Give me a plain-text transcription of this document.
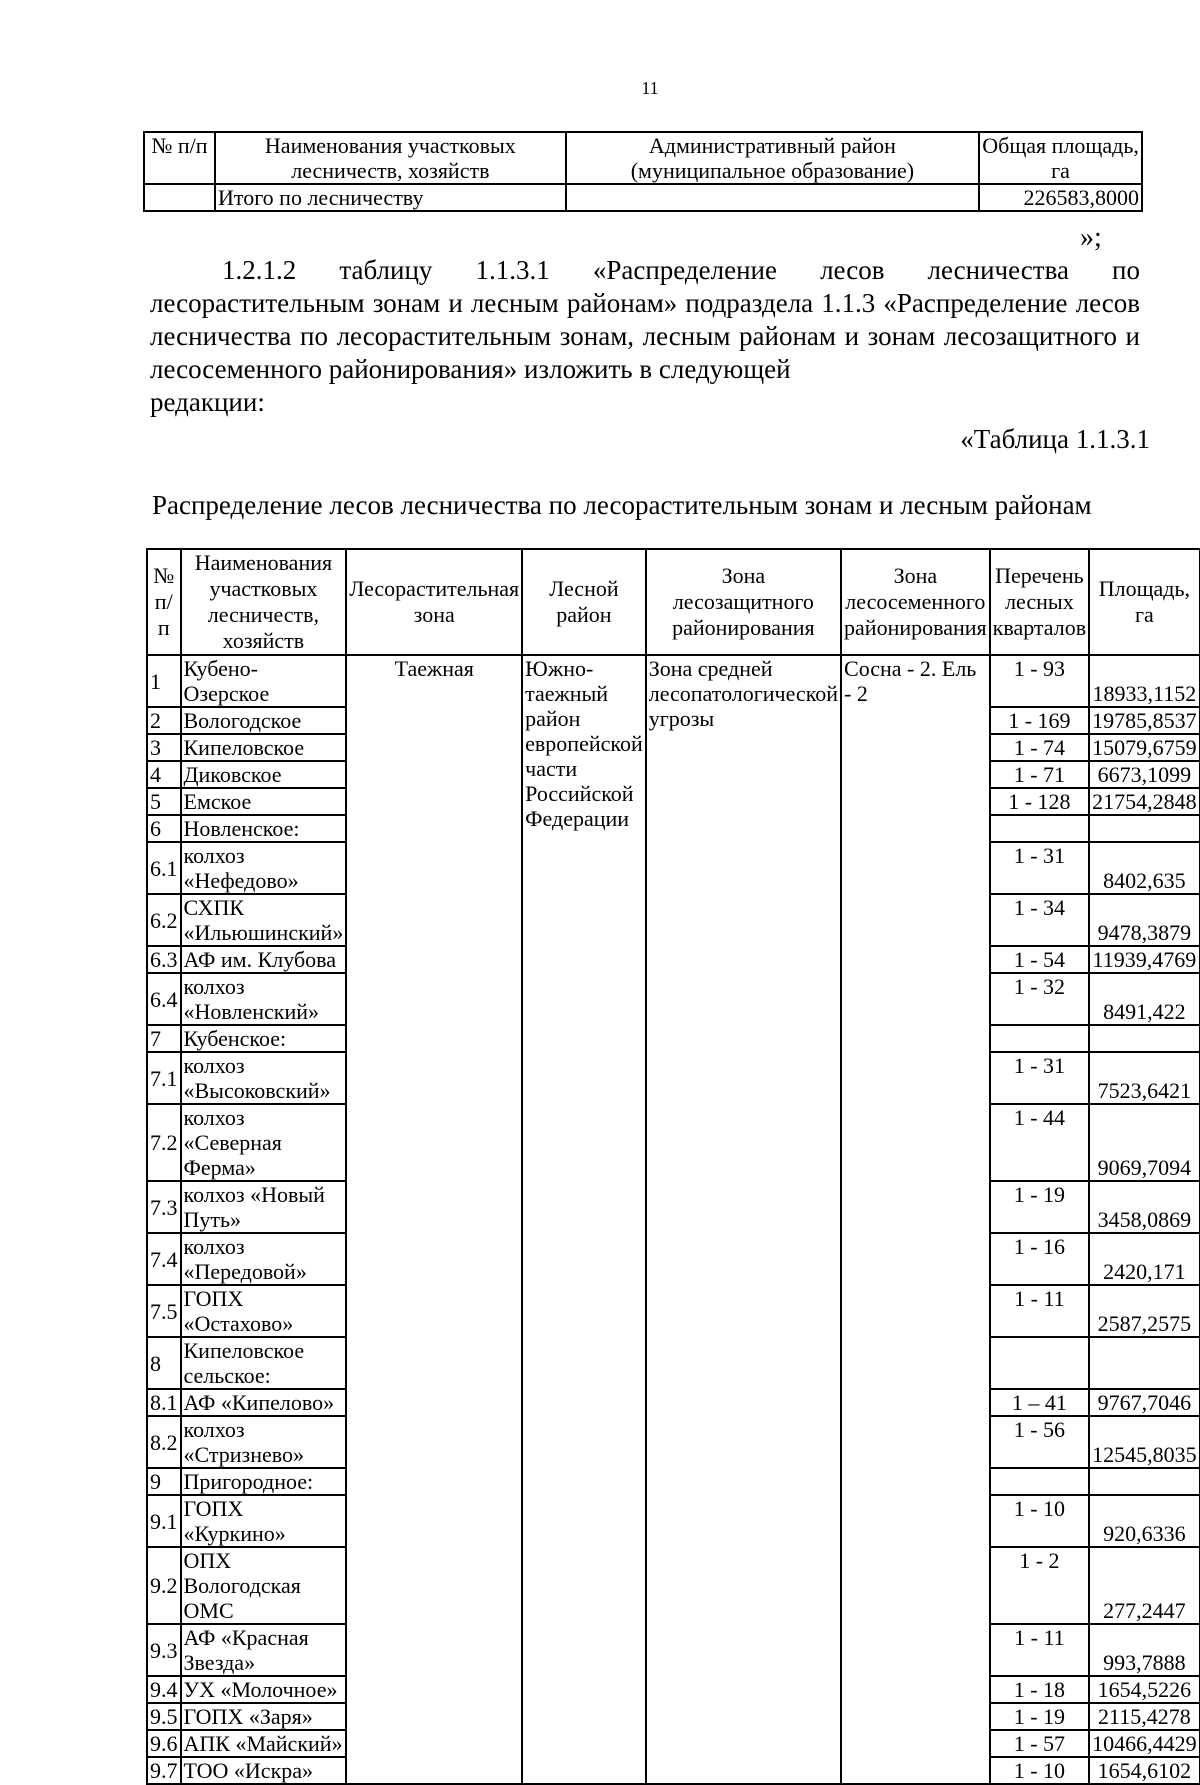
11
№ п/п	Наименования участковых лесничеств, хозяйств	Административный район (муниципальное образование)	Общая площадь, га
	Итого по лесничеству		226583,8000
»;
1.2.1.2 таблицу 1.1.3.1 «Распределение лесов лесничества по лесорастительным зонам и лесным районам» подраздела 1.1.3 «Распределение лесов лесничества по лесорастительным зонам, лесным районам и зонам лесозащитного и лесосеменного районирования» изложить в следующей
редакции:
«Таблица 1.1.3.1
Распределение лесов лесничества по лесорастительным зонам и лесным районам
№ п/п	Наименования участковых лесничеств, хозяйств	Лесорастительная зона	Лесной район	Зона лесозащитного районирования	Зона лесосеменного районирования	Перечень лесных кварталов	Площадь, га
1	Кубено-Озерское	Таежная	Южно-таежный район европейской части Российской Федерации	Зона средней лесопатологической угрозы	Сосна - 2. Ель - 2	1 - 93	18933,1152
2	Вологодское					1 - 169	19785,8537
3	Кипеловское					1 - 74	15079,6759
4	Диковское					1 - 71	6673,1099
5	Емское					1 - 128	21754,2848
6	Новленское:						
6.1	колхоз «Нефедово»					1 - 31	8402,635
6.2	СХПК «Ильюшинский»					1 - 34	9478,3879
6.3	АФ им. Клубова					1 - 54	11939,4769
6.4	колхоз «Новленский»					1 - 32	8491,422
7	Кубенское:						
7.1	колхоз «Высоковский»					1 - 31	7523,6421
7.2	колхоз «Северная Ферма»					1 - 44	9069,7094
7.3	колхоз «Новый Путь»					1 - 19	3458,0869
7.4	колхоз «Передовой»					1 - 16	2420,171
7.5	ГОПХ «Остахово»					1 - 11	2587,2575
8	Кипеловское сельское:						
8.1	АФ «Кипелово»					1 – 41	9767,7046
8.2	колхоз «Стризнево»					1 - 56	12545,8035
9	Пригородное:						
9.1	ГОПХ «Куркино»					1 - 10	920,6336
9.2	ОПХ Вологодская ОМС					1 - 2	277,2447
9.3	АФ «Красная Звезда»					1 - 11	993,7888
9.4	УХ «Молочное»					1 - 18	1654,5226
9.5	ГОПХ «Заря»					1 - 19	2115,4278
9.6	АПК «Майский»					1 - 57	10466,4429
9.7	ТОО «Искра»					1 - 10	1654,6102
